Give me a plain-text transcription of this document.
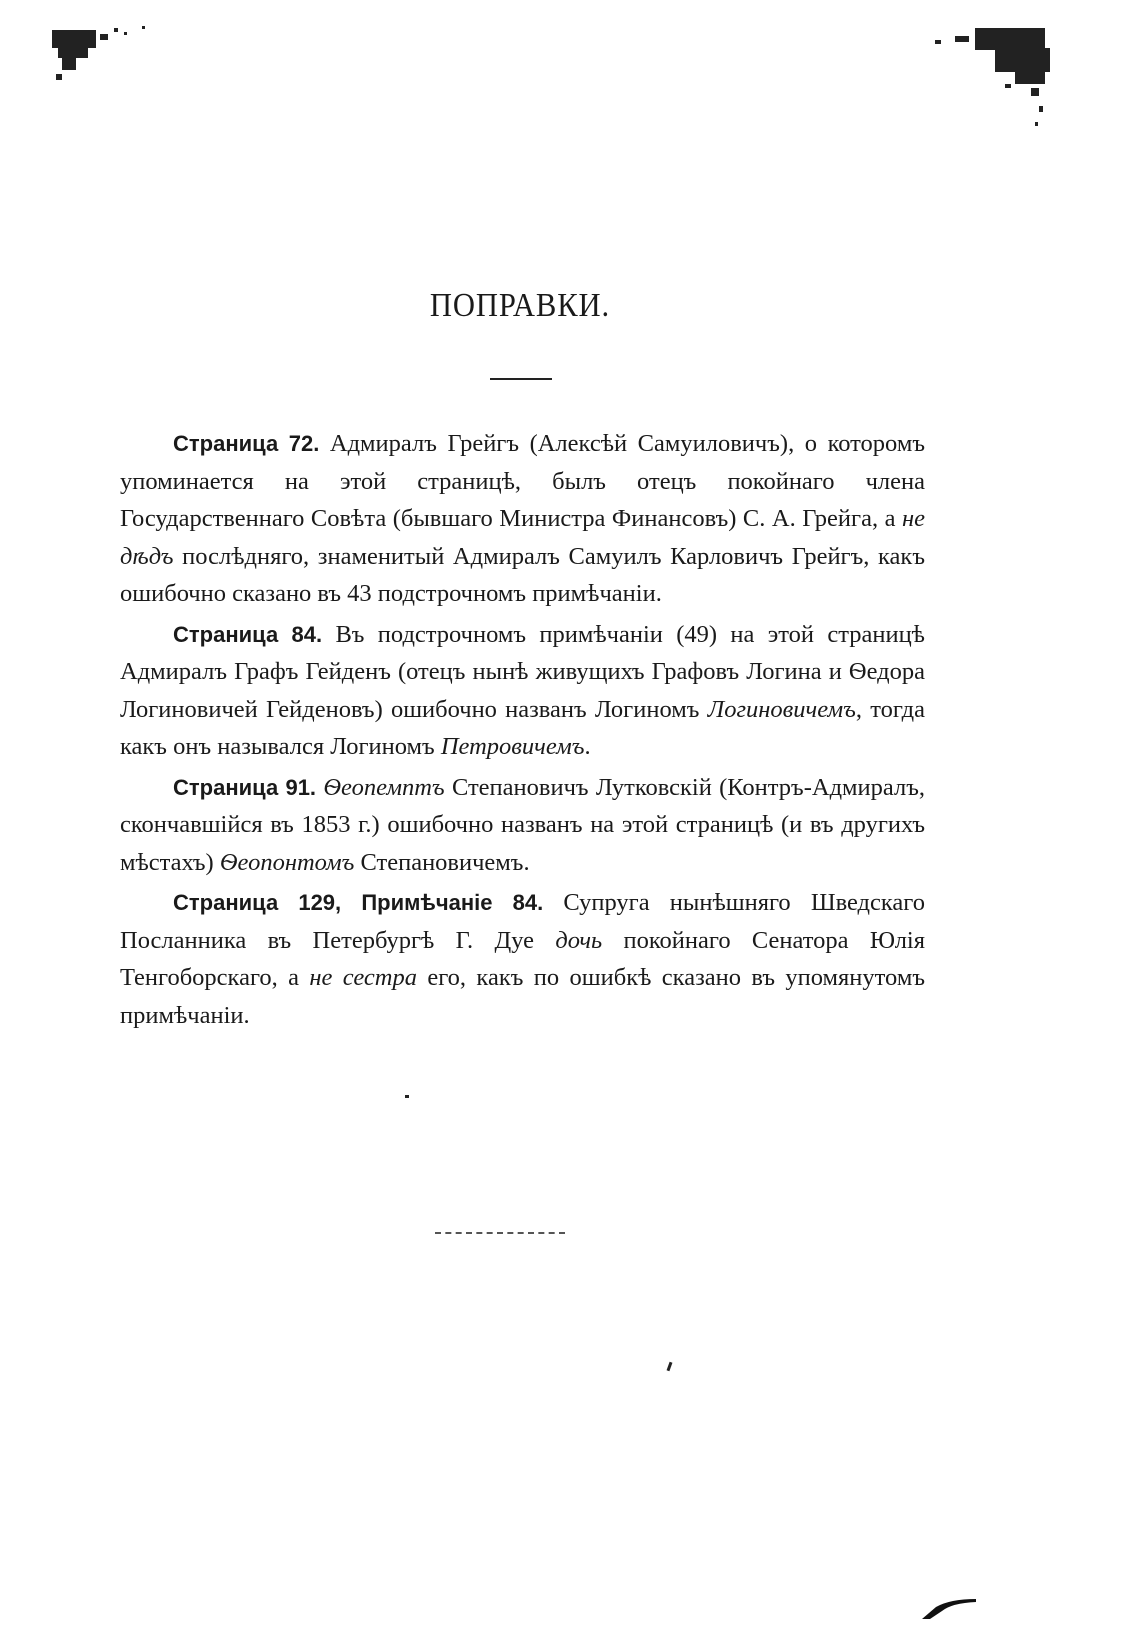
ПОПРАВКИ.

Страница 72. Адмиралъ Грейгъ (Алексѣй Самуиловичъ), о которомъ упоминается на этой страницѣ, былъ отецъ покойнаго члена Государственнаго Совѣта (бывшаго Министра Финансовъ) С. А. Грейга, а не дѣдъ послѣдняго, знаменитый Адмиралъ Самуилъ Карловичъ Грейгъ, какъ ошибочно сказано въ 43 подстрочномъ примѣчаніи.

Страница 84. Въ подстрочномъ примѣчаніи (49) на этой страницѣ Адмиралъ Графъ Гейденъ (отецъ нынѣ живущихъ Графовъ Логина и Ѳедора Логиновичей Гейденовъ) ошибочно названъ Логиномъ Логиновичемъ, тогда какъ онъ назывался Логиномъ Петровичемъ.

Страница 91. Ѳеопемптъ Степановичъ Лутковскій (Контръ-Адмиралъ, скончавшійся въ 1853 г.) ошибочно названъ на этой страницѣ (и въ другихъ мѣстахъ) Ѳеопонтомъ Степановичемъ.

Страница 129, Примѣчаніе 84. Супруга нынѣшняго Шведскаго Посланника въ Петербургѣ Г. Дуе дочь покойнаго Сенатора Юлія Тенгоборскаго, а не сестра его, какъ по ошибкѣ сказано въ упомянутомъ примѣчаніи.
